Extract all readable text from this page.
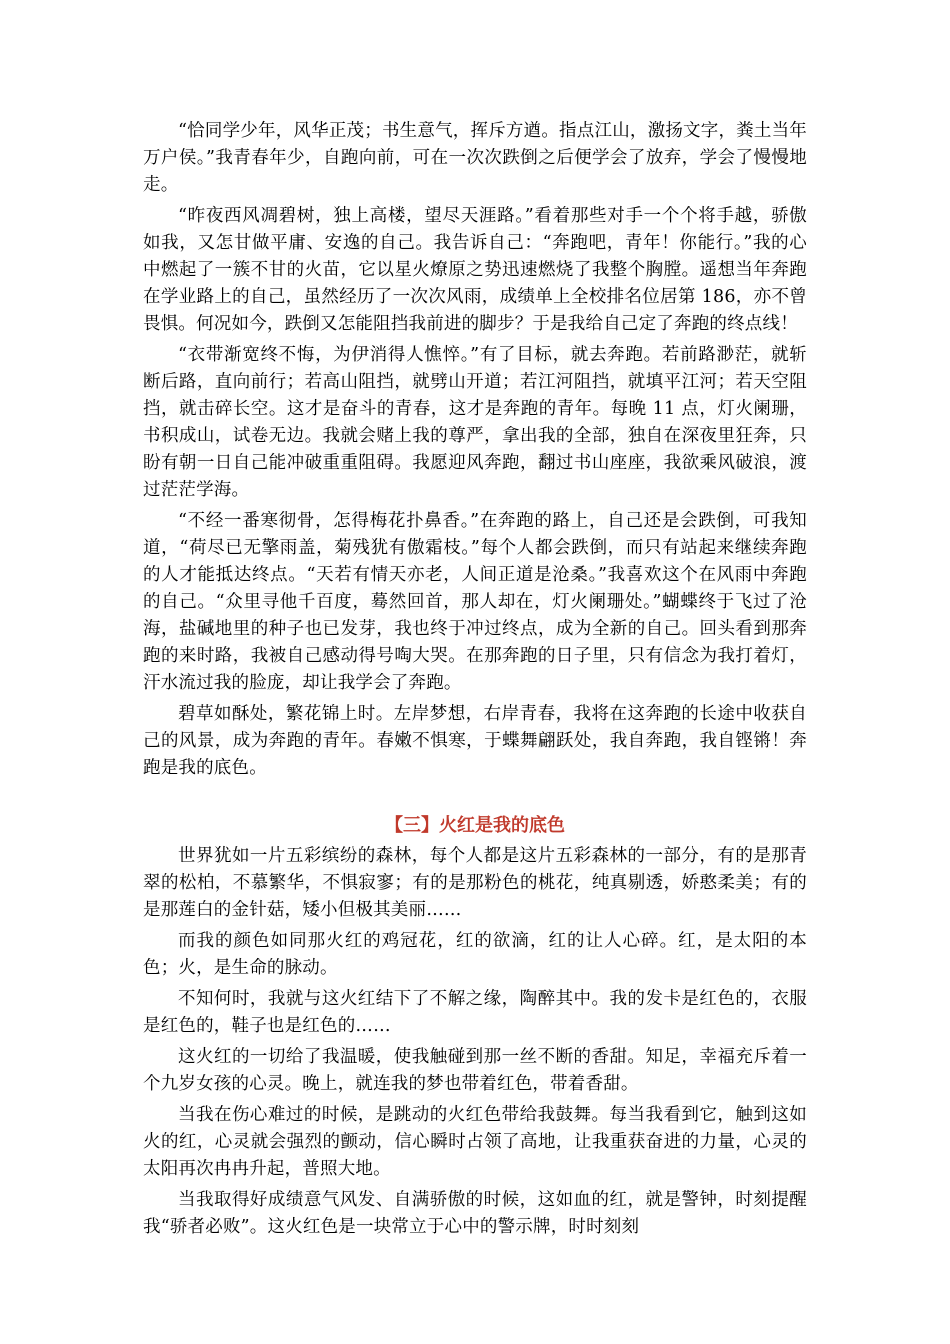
“恰同学少年，风华正茂；书生意气，挥斥方遒。指点江山，激扬文字，粪土当年万户侯。”我青春年少，自跑向前，可在一次次跌倒之后便学会了放弃，学会了慢慢地走。

“昨夜西风凋碧树，独上高楼，望尽天涯路。”看着那些对手一个个将手越，骄傲如我，又怎甘做平庸、安逸的自己。我告诉自己：“奔跑吧，青年！你能行。”我的心中燃起了一簇不甘的火苗，它以星火燎原之势迅速燃烧了我整个胸膛。遥想当年奔跑在学业路上的自己，虽然经历了一次次风雨，成绩单上全校排名位居第 186，亦不曾畏惧。何况如今，跌倒又怎能阻挡我前进的脚步？于是我给自己定了奔跑的终点线！

“衣带渐宽终不悔，为伊消得人憔悴。”有了目标，就去奔跑。若前路渺茫，就斩断后路，直向前行；若高山阻挡，就劈山开道；若江河阻挡，就填平江河；若天空阻挡，就击碎长空。这才是奋斗的青春，这才是奔跑的青年。每晚 11 点，灯火阑珊，书积成山，试卷无边。我就会赌上我的尊严，拿出我的全部，独自在深夜里狂奔，只盼有朝一日自己能冲破重重阻碍。我愿迎风奔跑，翻过书山座座，我欲乘风破浪，渡过茫茫学海。

“不经一番寒彻骨，怎得梅花扑鼻香。”在奔跑的路上，自己还是会跌倒，可我知道，“荷尽已无擎雨盖，菊残犹有傲霜枝。”每个人都会跌倒，而只有站起来继续奔跑的人才能抵达终点。“天若有情天亦老，人间正道是沧桑。”我喜欢这个在风雨中奔跑的自己。“众里寻他千百度，蓦然回首，那人却在，灯火阑珊处。”蝴蝶终于飞过了沧海，盐碱地里的种子也已发芽，我也终于冲过终点，成为全新的自己。回头看到那奔跑的来时路，我被自己感动得号啕大哭。在那奔跑的日子里，只有信念为我打着灯，汗水流过我的脸庞，却让我学会了奔跑。

碧草如酥处，繁花锦上时。左岸梦想，右岸青春，我将在这奔跑的长途中收获自己的风景，成为奔跑的青年。春嫩不惧寒，于蝶舞翩跃处，我自奔跑，我自铿锵！奔跑是我的底色。

【三】火红是我的底色

世界犹如一片五彩缤纷的森林，每个人都是这片五彩森林的一部分，有的是那青翠的松柏，不慕繁华，不惧寂寥；有的是那粉色的桃花，纯真剔透，娇憨柔美；有的是那莲白的金针菇，矮小但极其美丽……

而我的颜色如同那火红的鸡冠花，红的欲滴，红的让人心碎。红，是太阳的本色；火，是生命的脉动。

不知何时，我就与这火红结下了不解之缘，陶醉其中。我的发卡是红色的，衣服是红色的，鞋子也是红色的……

这火红的一切给了我温暖，使我触碰到那一丝不断的香甜。知足，幸福充斥着一个九岁女孩的心灵。晚上，就连我的梦也带着红色，带着香甜。

当我在伤心难过的时候，是跳动的火红色带给我鼓舞。每当我看到它，触到这如火的红，心灵就会强烈的颤动，信心瞬时占领了高地，让我重获奋进的力量，心灵的太阳再次冉冉升起，普照大地。

当我取得好成绩意气风发、自满骄傲的时候，这如血的红，就是警钟，时刻提醒我“骄者必败”。这火红色是一块常立于心中的警示牌，时时刻刻
